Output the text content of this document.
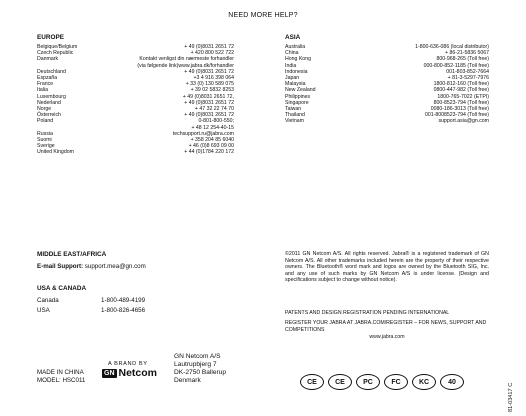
NEED MORE HELP?
EUROPE
Belgique/Belgium	+ 49 (0)8031 2651 72
Czech Republic	+ 420 800 522 722
Danmark	Kontakt venligst din nærmeste forhandler
(via følgende link)www.jabra.dk/forhandler
Deutschland	+ 49 (0)8031 2651 72
Espzaña	+3 4 916 398 064
France	+ 33 (0) 130 589 075
Italia	+ 39 02 5832 8253
Luxembourg	+ 49 (0)8031 2651 72,
Nederland	+ 49 (0)8031 2651 72
Norge	+ 47 32 22 74 70
Österreich	+ 49 (0)8031 2651 72
Poland	0-801-800-550;
+ 48 12 254-40-15
Russia	techsupport.ru@jabra.com
Suomi	+ 358 204 85 6040
Sverige	+ 46 (0)8 693 09 00
United Kingdom	+ 44 (0)1784 220 172
ASIA
Australia	1-800-636-086 (local distributor)
China	+ 86-21-5836 5067
Hong Kong	800-968-265 (Toll free)
India	000-800-852-1185 (Toll free)
Indonesia	001-803-852-7664
Japan	+ 81-3-5297-7976
Malaysia	1800-812-160 (Toll free)
New Zealand	0800-447-982 (Toll free)
Philippines	1800-765-7022 (ETPI)
Singapore	800-8523-794 (Toll free)
Taiwan	0080-186-3013 (Toll free)
Thailand	001-8008523-794 (Toll free)
Vietnam	support.asia@gn.com
MIDDLE EAST/AFRICA
E-mail Support: support.mea@gn.com
USA & CANADA
Canada	1-800-489-4199
USA	1-800-826-4656
©2011 GN Netcom A/S. All rights reserved. Jabra® is a registered trademark of GN Netcom A/S. All other trademarks included herein are the property of their respective owners. The Bluetooth® word mark and logos are owned by the Bluetooth SIG, Inc. and any use of such marks by GN Netcom A/S is under license. (Design and specifications subject to change without notice).
PATENTS AND DESIGN REGISTRATION PENDING INTERNATIONAL
REGISTER YOUR JABRA AT JABRA.COM/REGISTER – FOR NEWS, SUPPORT AND COMPETITIONS
www.jabra.com
MADE IN CHINA
MODEL: HSC011
A BRAND BY
GN Netcom
GN Netcom A/S
Lautrupbjerg 7
DK-2750 Ballerup
Denmark	CE	CE	PC	FC	KC	40
81-03417 C
